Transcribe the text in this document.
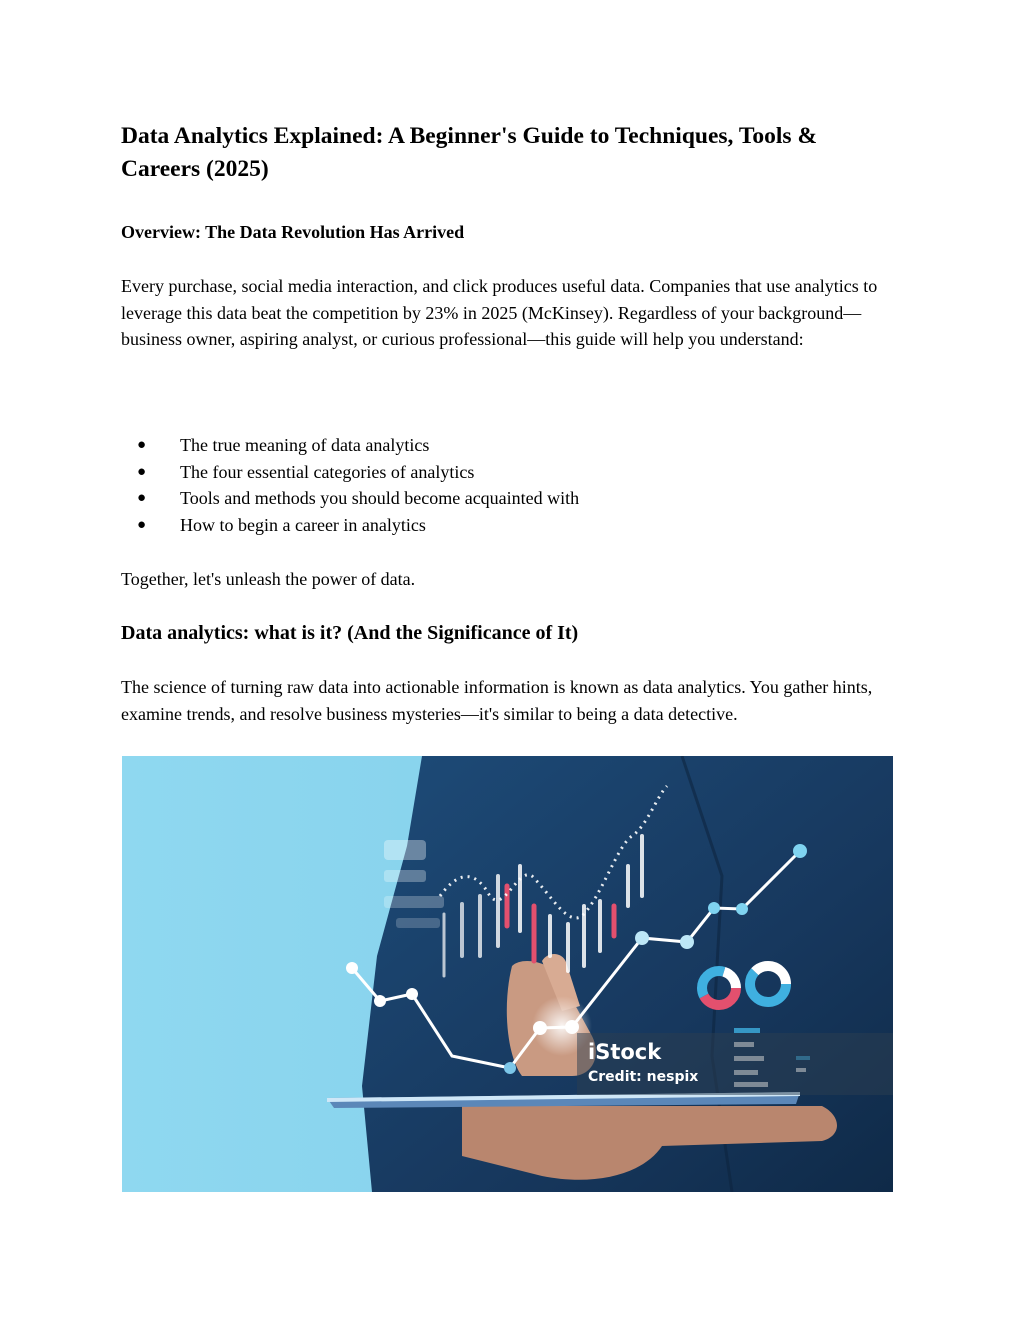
Data Analytics Explained: A Beginner's Guide to Techniques, Tools & Careers (2025)
Overview: The Data Revolution Has Arrived

Every purchase, social media interaction, and click produces useful data. Companies that use analytics to leverage this data beat the competition by 23% in 2025 (McKinsey). Regardless of your background—business owner, aspiring analyst, or curious professional—this guide will help you understand:

● The true meaning of data analytics
● The four essential categories of analytics
● Tools and methods you should become acquainted with
● How to begin a career in analytics

Together, let's unleash the power of data.

Data analytics: what is it? (And the Significance of It)

The science of turning raw data into actionable information is known as data analytics. You gather hints, examine trends, and resolve business mysteries—it's similar to being a data detective.

iStock
Credit: nespix
